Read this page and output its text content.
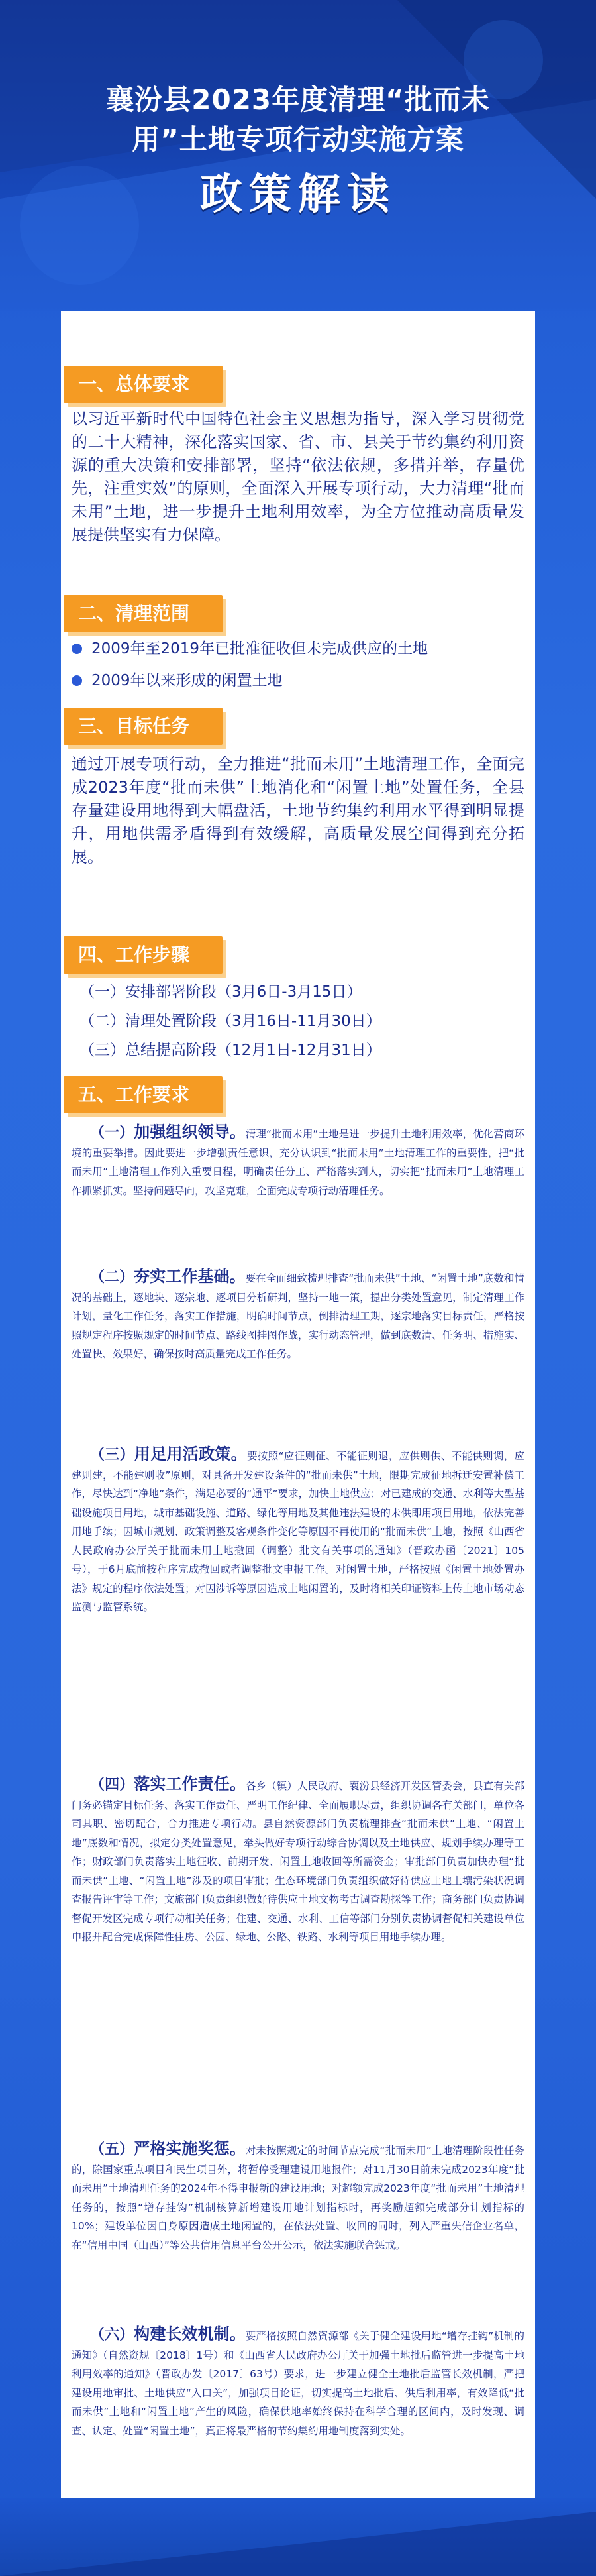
襄汾县2023年度清理“批而未
用”土地专项行动实施方案
政策解读
一、总体要求
以习近平新时代中国特色社会主义思想为指导，深入学习贯彻党的二十大精神，深化落实国家、省、市、县关于节约集约利用资源的重大决策和安排部署，坚持“依法依规，多措并举，存量优先，注重实效”的原则，全面深入开展专项行动，大力清理“批而未用”土地，进一步提升土地利用效率，为全方位推动高质量发展提供坚实有力保障。
二、清理范围
2009年至2019年已批准征收但未完成供应的土地
2009年以来形成的闲置土地
三、目标任务
通过开展专项行动，全力推进“批而未用”土地清理工作，全面完成2023年度“批而未供”土地消化和“闲置土地”处置任务，全县存量建设用地得到大幅盘活，土地节约集约利用水平得到明显提升，用地供需矛盾得到有效缓解，高质量发展空间得到充分拓展。
四、工作步骤
（一）安排部署阶段（3月6日-3月15日）
（二）清理处置阶段（3月16日-11月30日）
（三）总结提高阶段（12月1日-12月31日）
五、工作要求
（一）加强组织领导。清理“批而未用”土地是进一步提升土地利用效率，优化营商环境的重要举措。因此要进一步增强责任意识，充分认识到“批而未用”土地清理工作的重要性，把“批而未用”土地清理工作列入重要日程，明确责任分工、严格落实到人，切实把“批而未用”土地清理工作抓紧抓实。坚持问题导向，攻坚克难，全面完成专项行动清理任务。
（二）夯实工作基础。要在全面细致梳理排查“批而未供”土地、“闲置土地”底数和情况的基础上，逐地块、逐宗地、逐项目分析研判，坚持一地一策，提出分类处置意见，制定清理工作计划，量化工作任务，落实工作措施，明确时间节点，倒排清理工期，逐宗地落实目标责任，严格按照规定程序按照规定的时间节点、路线图挂图作战，实行动态管理，做到底数清、任务明、措施实、处置快、效果好，确保按时高质量完成工作任务。
（三）用足用活政策。要按照“应征则征、不能征则退，应供则供、不能供则调，应建则建，不能建则收”原则，对具备开发建设条件的“批而未供”土地，限期完成征地拆迁安置补偿工作，尽快达到“净地”条件，满足必要的“通平”要求，加快土地供应；对已建成的交通、水利等大型基础设施项目用地，城市基础设施、道路、绿化等用地及其他违法建设的未供即用项目用地，依法完善用地手续；因城市规划、政策调整及客观条件变化等原因不再使用的“批而未供”土地，按照《山西省人民政府办公厅关于批而未用土地撤回（调整）批文有关事项的通知》（晋政办函〔2021〕105号），于6月底前按程序完成撤回或者调整批文申报工作。对闲置土地，严格按照《闲置土地处置办法》规定的程序依法处置；对因涉诉等原因造成土地闲置的，及时将相关印证资料上传土地市场动态监测与监管系统。
（四）落实工作责任。各乡（镇）人民政府、襄汾县经济开发区管委会，县直有关部门务必锚定目标任务、落实工作责任、严明工作纪律、全面履职尽责，组织协调各有关部门，单位各司其职、密切配合，合力推进专项行动。县自然资源部门负责梳理排查“批而未供”土地、“闲置土地”底数和情况，拟定分类处置意见，牵头做好专项行动综合协调以及土地供应、规划手续办理等工作；财政部门负责落实土地征收、前期开发、闲置土地收回等所需资金；审批部门负责加快办理“批而未供”土地、“闲置土地”涉及的项目审批；生态环境部门负责组织做好待供应土地土壤污染状况调查报告评审等工作；文旅部门负责组织做好待供应土地文物考古调查勘探等工作；商务部门负责协调督促开发区完成专项行动相关任务；住建、交通、水利、工信等部门分别负责协调督促相关建设单位申报并配合完成保障性住房、公园、绿地、公路、铁路、水利等项目用地手续办理。
（五）严格实施奖惩。对未按照规定的时间节点完成“批而未用”土地清理阶段性任务的，除国家重点项目和民生项目外，将暂停受理建设用地报件；对11月30日前未完成2023年度“批而未用”土地清理任务的2024年不得申报新的建设用地；对超额完成2023年度“批而未用”土地清理任务的，按照“增存挂钩”机制核算新增建设用地计划指标时，再奖励超额完成部分计划指标的10%；建设单位因自身原因造成土地闲置的，在依法处置、收回的同时，列入严重失信企业名单，在“信用中国（山西）”等公共信用信息平台公开公示，依法实施联合惩戒。
（六）构建长效机制。要严格按照自然资源部《关于健全建设用地“增存挂钩”机制的通知》（自然资规〔2018〕1号）和《山西省人民政府办公厅关于加强土地批后监管进一步提高土地利用效率的通知》（晋政办发〔2017〕63号）要求，进一步建立健全土地批后监管长效机制，严把建设用地审批、土地供应“入口关”，加强项目论证，切实提高土地批后、供后利用率，有效降低“批而未供”土地和“闲置土地”产生的风险，确保供地率始终保持在科学合理的区间内，及时发现、调查、认定、处置“闲置土地”，真正将最严格的节约集约用地制度落到实处。
